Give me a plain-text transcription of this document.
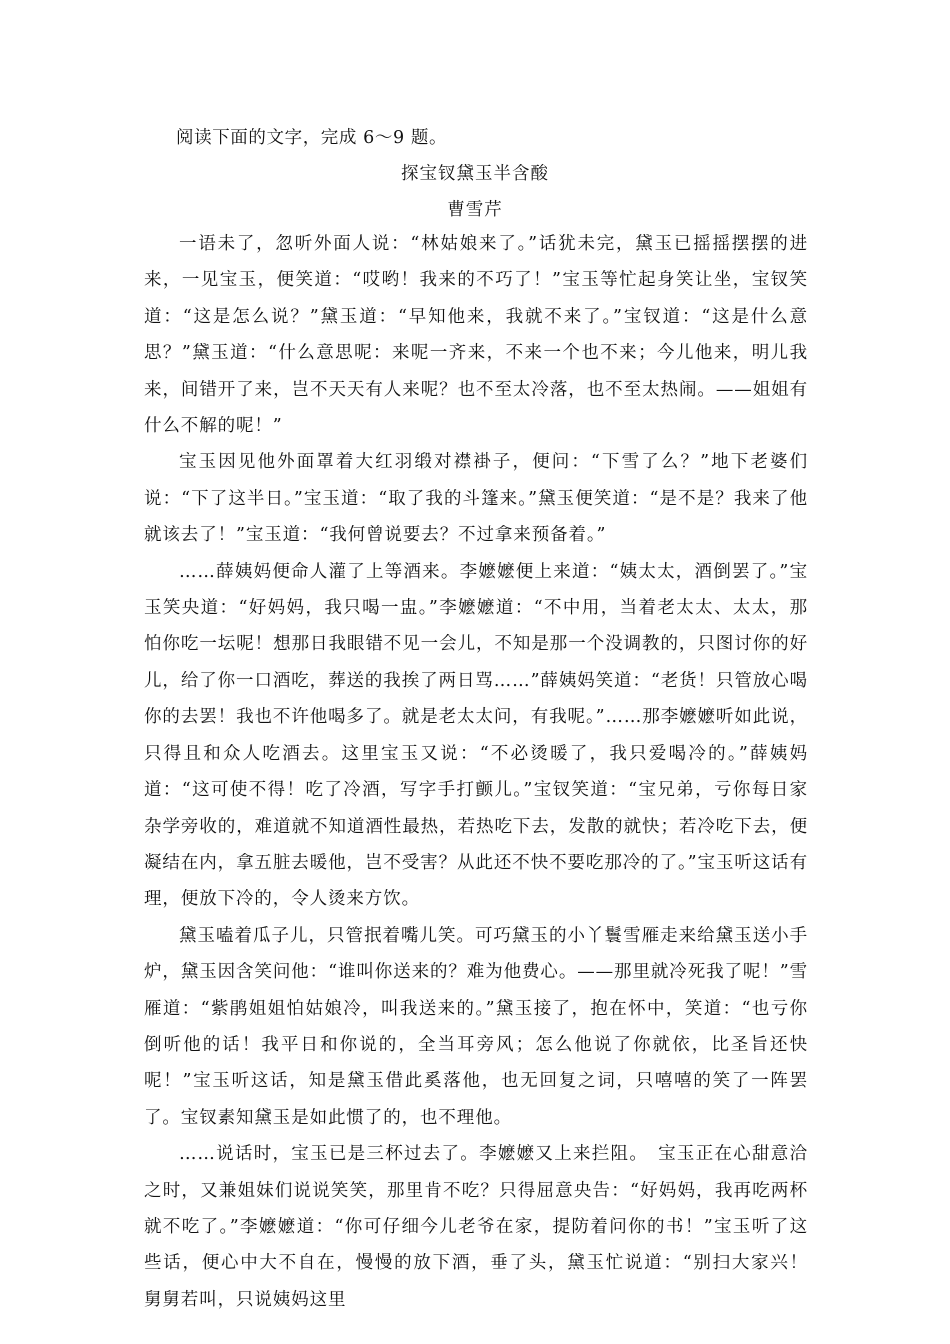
阅读下面的文字，完成 6～9 题。
探宝钗黛玉半含酸
曹雪芹

一语未了，忽听外面人说：“林姑娘来了。”话犹未完，黛玉已摇摇摆摆的进来，一见宝玉，便笑道：“哎哟！我来的不巧了！”宝玉等忙起身笑让坐，宝钗笑道：“这是怎么说？”黛玉道：“早知他来，我就不来了。”宝钗道：“这是什么意思？”黛玉道：“什么意思呢：来呢一齐来，不来一个也不来；今儿他来，明儿我来，间错开了来，岂不天天有人来呢？也不至太冷落，也不至太热闹。——姐姐有什么不解的呢！”

宝玉因见他外面罩着大红羽缎对襟褂子，便问：“下雪了么？”地下老婆们说：“下了这半日。”宝玉道：“取了我的斗篷来。”黛玉便笑道：“是不是？我来了他就该去了！”宝玉道：“我何曾说要去？不过拿来预备着。”

……薛姨妈便命人灌了上等酒来。李嬷嬷便上来道：“姨太太，酒倒罢了。”宝玉笑央道：“好妈妈，我只喝一盅。”李嬷嬷道：“不中用，当着老太太、太太，那怕你吃一坛呢！想那日我眼错不见一会儿，不知是那一个没调教的，只图讨你的好儿，给了你一口酒吃，葬送的我挨了两日骂……”薛姨妈笑道：“老货！只管放心喝你的去罢！我也不许他喝多了。就是老太太问，有我呢。”……那李嬷嬷听如此说，只得且和众人吃酒去。这里宝玉又说：“不必烫暖了，我只爱喝冷的。”薛姨妈道：“这可使不得！吃了冷酒，写字手打颤儿。”宝钗笑道：“宝兄弟，亏你每日家杂学旁收的，难道就不知道酒性最热，若热吃下去，发散的就快；若冷吃下去，便凝结在内，拿五脏去暖他，岂不受害？从此还不快不要吃那冷的了。”宝玉听这话有理，便放下冷的，令人烫来方饮。

黛玉嗑着瓜子儿，只管抿着嘴儿笑。可巧黛玉的小丫鬟雪雁走来给黛玉送小手炉，黛玉因含笑问他：“谁叫你送来的？难为他费心。——那里就冷死我了呢！”雪雁道：“紫鹃姐姐怕姑娘冷，叫我送来的。”黛玉接了，抱在怀中，笑道：“也亏你倒听他的话！我平日和你说的，全当耳旁风；怎么他说了你就依，比圣旨还快呢！”宝玉听这话，知是黛玉借此奚落他，也无回复之词，只嘻嘻的笑了一阵罢了。宝钗素知黛玉是如此惯了的，也不理他。

……说话时，宝玉已是三杯过去了。李嬷嬷又上来拦阻。　宝玉正在心甜意洽之时，又兼姐妹们说说笑笑，那里肯不吃？只得屈意央告：“好妈妈，我再吃两杯就不吃了。”李嬷嬷道：“你可仔细今儿老爷在家，提防着问你的书！”宝玉听了这些话，便心中大不自在，慢慢的放下酒，垂了头，黛玉忙说道：“别扫大家兴！　舅舅若叫，只说姨妈这里
